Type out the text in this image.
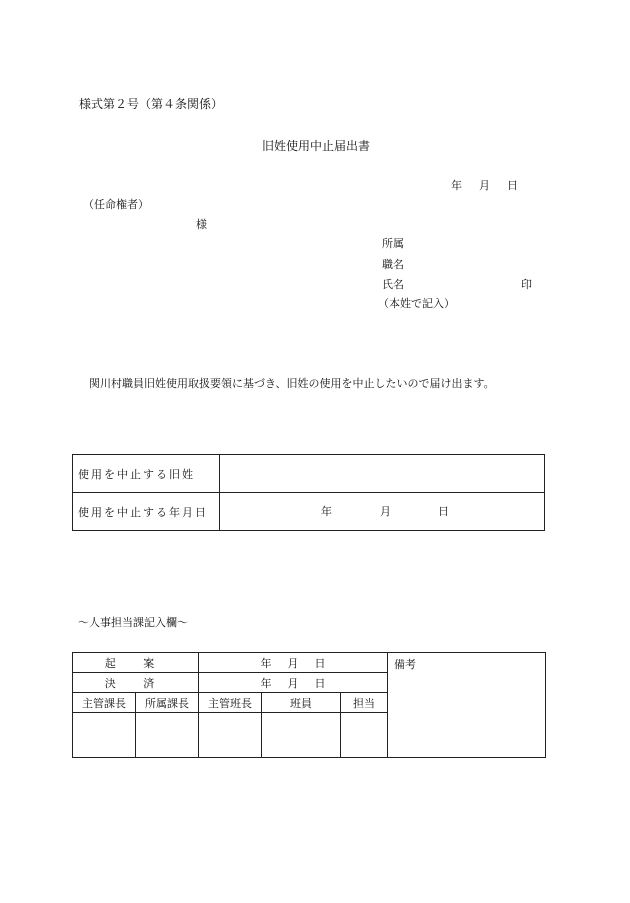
様式第２号（第４条関係）
旧姓使用中止届出書
年 月 日
（任命権者）
様
所属
職名
氏名	印
（本姓で記入）
関川村職員旧姓使用取扱要領に基づき、旧姓の使用を中止したいので届け出ます。
使用を中止する旧姓	
使用を中止する年月日	年 月 日
～人事担当課記入欄～
起 案		年 月 日			備考
決 済		年 月 日			
主管課長	所属課長	主管班長	班員	担当	
